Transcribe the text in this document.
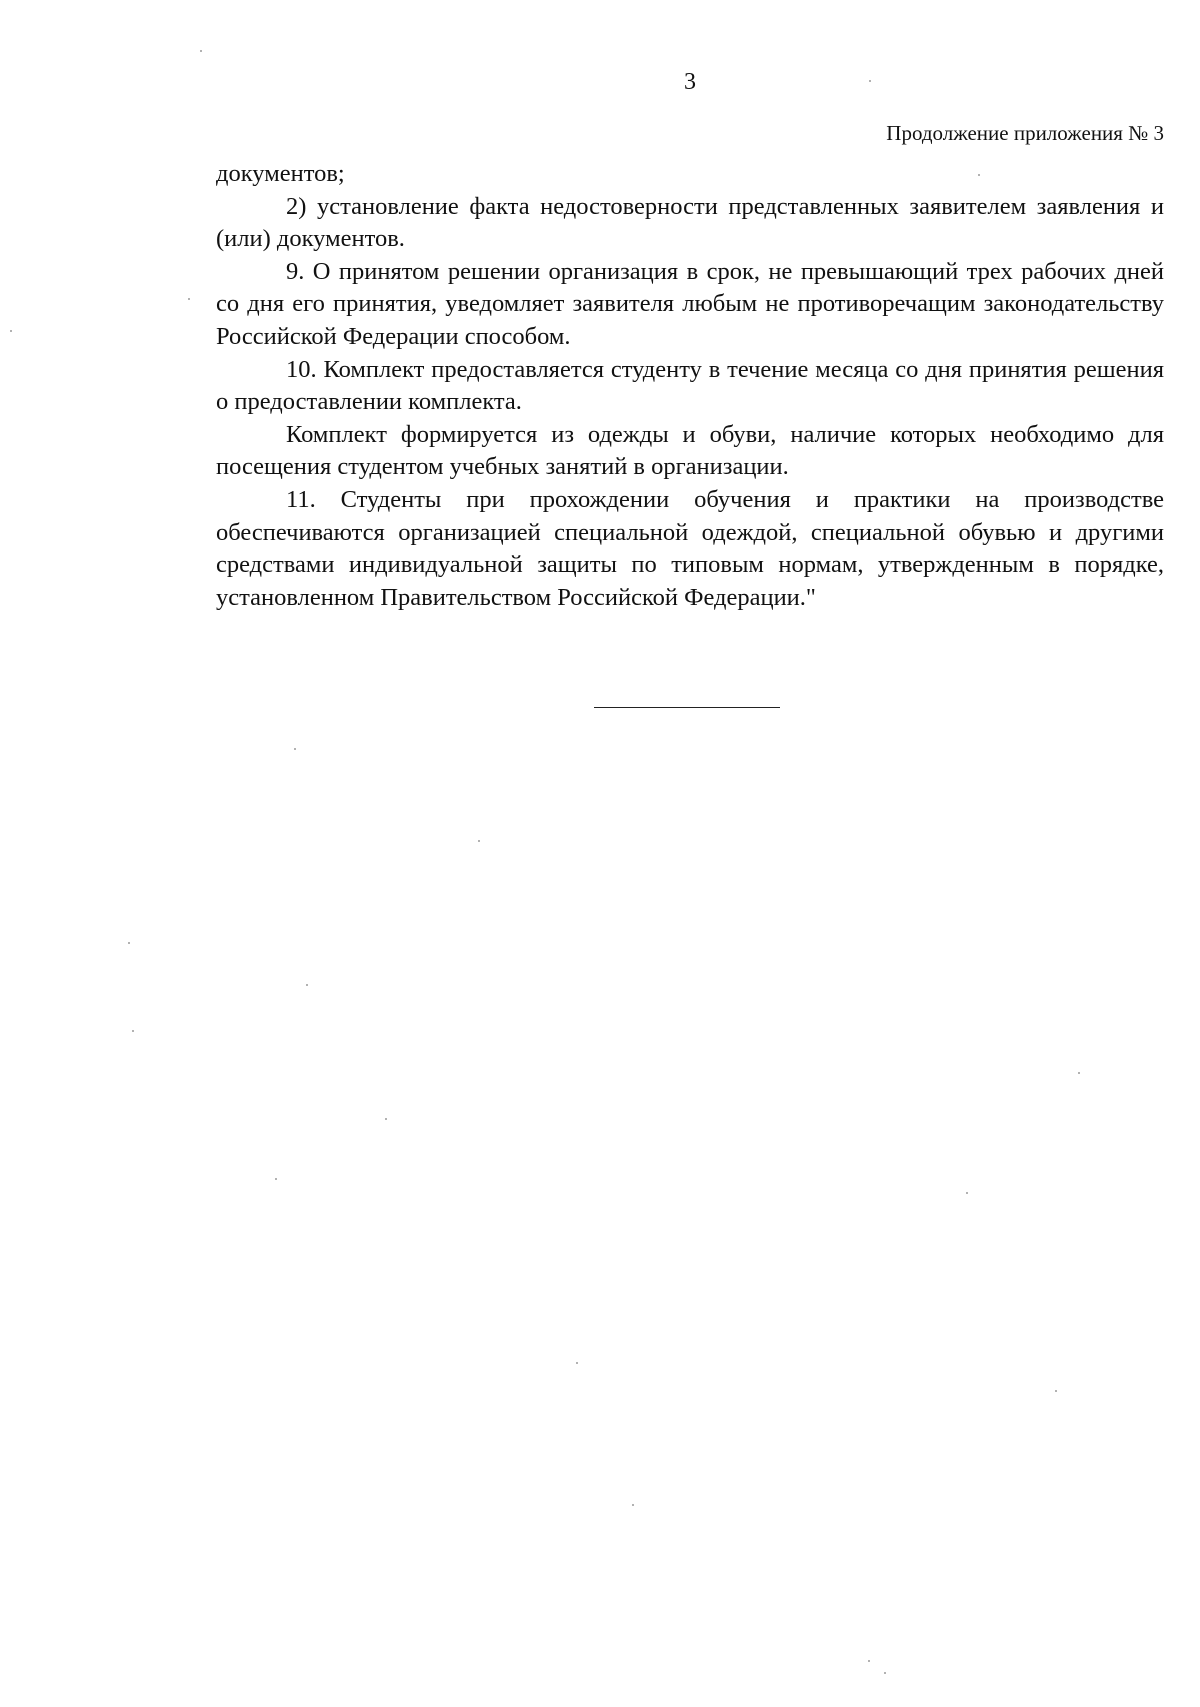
3
Продолжение приложения № 3

документов;

2) установление факта недостоверности представленных заявителем заявления и (или) документов.

9. О принятом решении организация в срок, не превышающий трех рабочих дней со дня его принятия, уведомляет заявителя любым не противоречащим законодательству Российской Федерации способом.

10. Комплект предоставляется студенту в течение месяца со дня принятия решения о предоставлении комплекта.

Комплект формируется из одежды и обуви, наличие которых необходимо для посещения студентом учебных занятий в организации.

11. Студенты при прохождении обучения и практики на производстве обеспечиваются организацией специальной одеждой, специальной обувью и другими средствами индивидуальной защиты по типовым нормам, утвержденным в порядке, установленном Правительством Российской Федерации."
